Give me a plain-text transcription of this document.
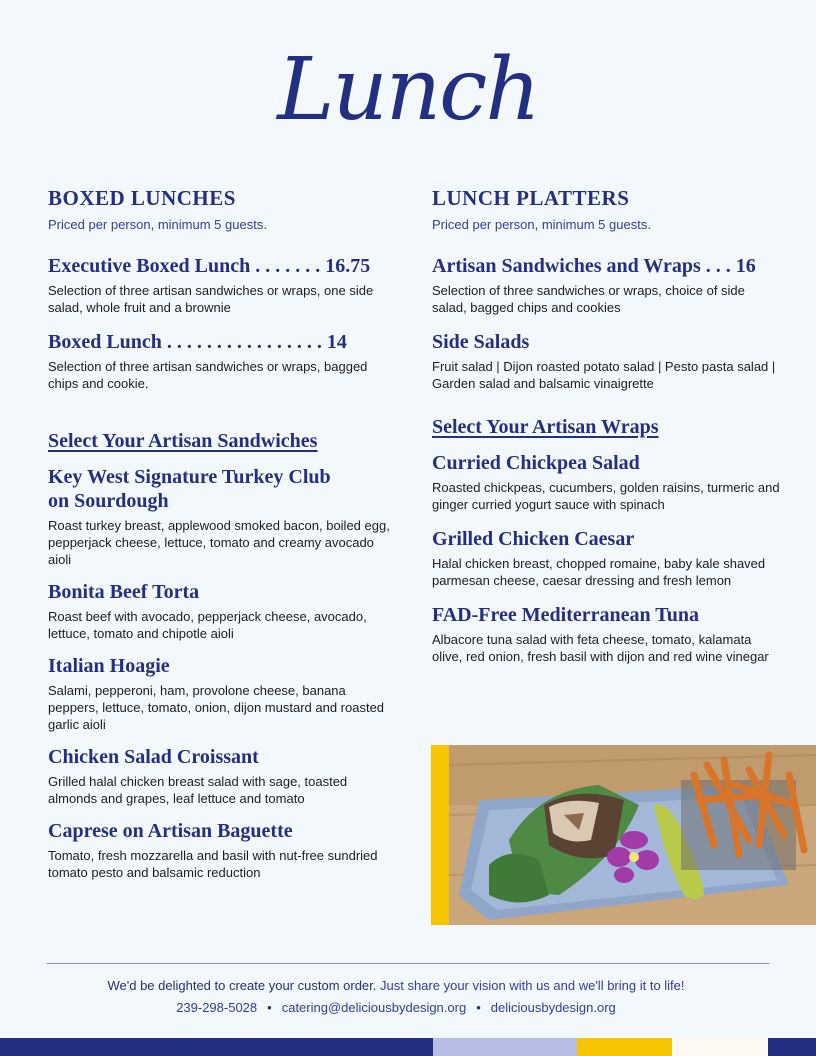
Lunch
BOXED LUNCHES

Priced per person, minimum 5 guests.

Executive Boxed Lunch . . . . . . . 16.75

Selection of three artisan sandwiches or wraps, one side salad, whole fruit and a brownie

Boxed Lunch . . . . . . . . . . . . . . . . 14

Selection of three artisan sandwiches or wraps, bagged chips and cookie.

Select Your Artisan Sandwiches
Key West Signature Turkey Club
on Sourdough

Roast turkey breast, applewood smoked bacon, boiled egg, pepperjack cheese, lettuce, tomato and creamy avocado aioli

Bonita Beef Torta

Roast beef with avocado, pepperjack cheese, avocado, lettuce, tomato and chipotle aioli

Italian Hoagie

Salami, pepperoni, ham, provolone cheese, banana peppers, lettuce, tomato, onion, dijon mustard and roasted garlic aioli

Chicken Salad Croissant

Grilled halal chicken breast salad with sage, toasted almonds and grapes, leaf lettuce and tomato

Caprese on Artisan Baguette

Tomato, fresh mozzarella and basil with nut-free sundried tomato pesto and balsamic reduction

LUNCH PLATTERS

Priced per person, minimum 5 guests.

Artisan Sandwiches and Wraps . . . 16

Selection of three sandwiches or wraps, choice of side salad, bagged chips and cookies

Side Salads

Fruit salad | Dijon roasted potato salad | Pesto pasta salad | Garden salad and balsamic vinaigrette

Select Your Artisan Wraps
Curried Chickpea Salad

Roasted chickpeas, cucumbers, golden raisins, turmeric and ginger curried yogurt sauce with spinach

Grilled Chicken Caesar

Halal chicken breast, chopped romaine, baby kale shaved parmesan cheese, caesar dressing and fresh lemon

FAD-Free Mediterranean Tuna

Albacore tuna salad with feta cheese, tomato, kalamata olive, red onion, fresh basil with dijon and red wine vinegar

We'd be delighted to create your custom order. Just share your vision with us and we'll bring it to life!
239-298-5028 • catering@deliciousbydesign.org • deliciousbydesign.org
